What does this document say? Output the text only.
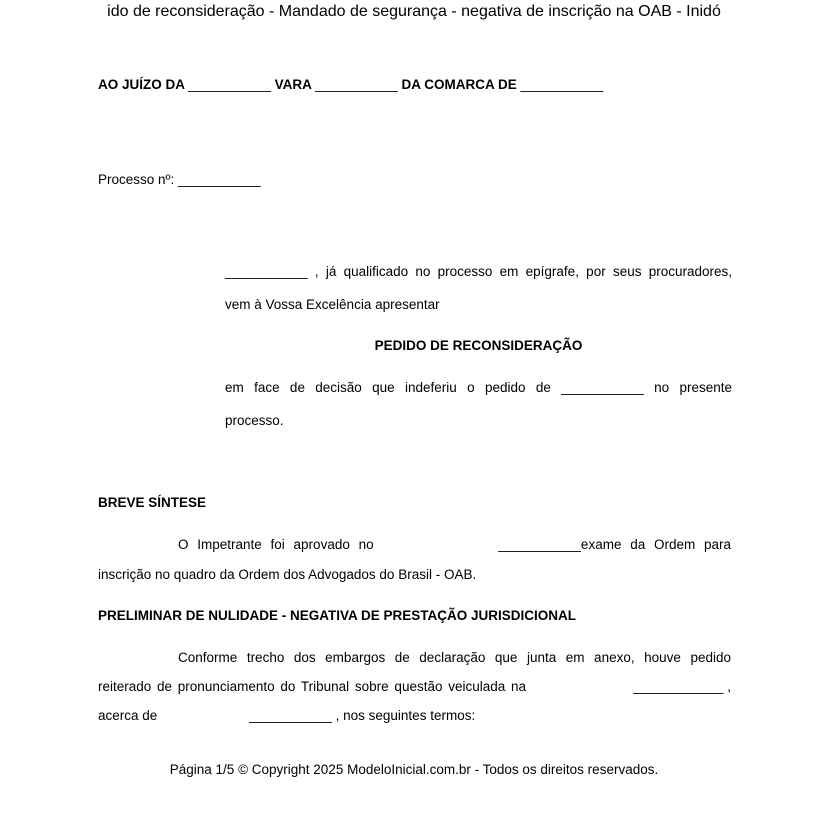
ido de reconsideração - Mandado de segurança - negativa de inscrição na OAB - Inidó
AO JUÍZO DA ___________ VARA ___________ DA COMARCA DE ___________
Processo nº: ___________
___________ , já qualificado no processo em epígrafe, por seus procuradores,
vem à Vossa Excelência apresentar
PEDIDO DE RECONSIDERAÇÃO
em face de decisão que indeferiu o pedido de ___________ no presente
processo.
BREVE SÍNTESE
O Impetrante foi aprovado no	___________exame da Ordem para
inscrição no quadro da Ordem dos Advogados do Brasil - OAB.
PRELIMINAR DE NULIDADE - NEGATIVA DE PRESTAÇÃO JURISDICIONAL
Conforme trecho dos embargos de declaração que junta em anexo, houve pedido
reiterado de pronunciamento do Tribunal sobre questão veiculada na	____________ ,
acerca de	___________ , nos seguintes termos:
Página 1/5 © Copyright 2025 ModeloInicial.com.br - Todos os direitos reservados.
